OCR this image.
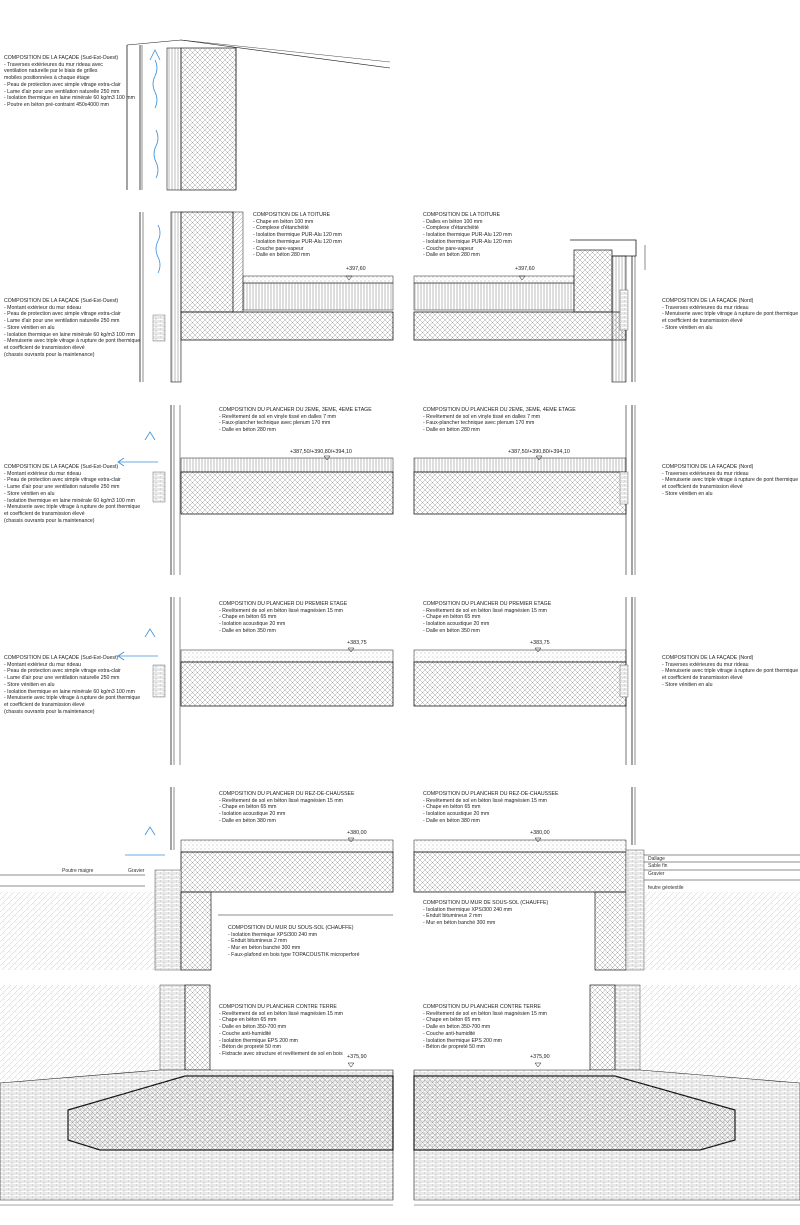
COMPOSITION DE LA FAÇADE (Sud-Est-Ouest)
- Traverses extérieures du mur rideau avec
ventilation naturelle par le biais de grilles
mobiles positionnées à chaque étage
- Peau de protection avec simple vitrage extra-clair
- Lame d'air pour une ventilation naturelle 250 mm
- Isolation thermique en laine minérale 60 kg/m3 100 mm
- Poutre en béton pré-contraint 450x4000 mm
COMPOSITION DE LA TOITURE
- Chape en béton 100 mm
- Complexe d'étanchéité
- Isolation thermique PUR-Alu 120 mm
- Isolation thermique PUR-Alu 120 mm
- Couche pare-vapeur
- Dalle en béton 280 mm
COMPOSITION DE LA TOITURE
- Dalles en béton 100 mm
- Complexe d'étanchéité
- Isolation thermique PUR-Alu 120 mm
- Isolation thermique PUR-Alu 120 mm
- Couche pare-vapeur
- Dalle en béton 280 mm
COMPOSITION DE LA FAÇADE (Sud-Est-Ouest)
- Montant extérieur du mur rideau
- Peau de protection avec simple vitrage extra-clair
- Lame d'air pour une ventilation naturelle 250 mm
- Store vénitien en alu
- Isolation thermique en laine minérale 60 kg/m3 100 mm
- Menuiserie avec triple vitrage à rupture de pont thermique
et coefficient de transmission élevé
(chassis ouvrants pour la maintenance)
COMPOSITION DE LA FAÇADE (Nord)
- Traverses extérieures du mur rideau
- Menuiserie avec triple vitrage à rupture de pont thermique
et coefficient de transmission élevé
- Store vénitien en alu
COMPOSITION DU PLANCHER DU 2EME, 3EME, 4EME ETAGE
- Revêtement de sol en vinyle tissé en dalles 7 mm
- Faux-plancher technique avec plenum 170 mm
- Dalle en béton 280 mm
COMPOSITION DU PLANCHER DU 2EME, 3EME, 4EME ETAGE
- Revêtement de sol en vinyle tissé en dalles 7 mm
- Faux-plancher technique avec plenum 170 mm
- Dalle en béton 280 mm
COMPOSITION DE LA FAÇADE (Sud-Est-Ouest)
- Montant extérieur du mur rideau
- Peau de protection avec simple vitrage extra-clair
- Lame d'air pour une ventilation naturelle 250 mm
- Store vénitien en alu
- Isolation thermique en laine minérale 60 kg/m3 100 mm
- Menuiserie avec triple vitrage à rupture de pont thermique
et coefficient de transmission élevé
(chassis ouvrants pour la maintenance)
COMPOSITION DE LA FAÇADE (Nord)
- Traverses extérieures du mur rideau
- Menuiserie avec triple vitrage à rupture de pont thermique
et coefficient de transmission élevé
- Store vénitien en alu
COMPOSITION DU PLANCHER DU PREMIER ETAGE
- Revêtement de sol en béton lissé magnésien 15 mm
- Chape en béton 65 mm
- Isolation acoustique 20 mm
- Dalle en béton 350 mm
COMPOSITION DU PLANCHER DU PREMIER ETAGE
- Revêtement de sol en béton lissé magnésien 15 mm
- Chape en béton 65 mm
- Isolation acoustique 20 mm
- Dalle en béton 350 mm
COMPOSITION DE LA FAÇADE (Sud-Est-Ouest)
- Montant extérieur du mur rideau
- Peau de protection avec simple vitrage extra-clair
- Lame d'air pour une ventilation naturelle 250 mm
- Store vénitien en alu
- Isolation thermique en laine minérale 60 kg/m3 100 mm
- Menuiserie avec triple vitrage à rupture de pont thermique
et coefficient de transmission élevé
(chassis ouvrants pour la maintenance)
COMPOSITION DE LA FAÇADE (Nord)
- Traverses extérieures du mur rideau
- Menuiserie avec triple vitrage à rupture de pont thermique
et coefficient de transmission élevé
- Store vénitien en alu
COMPOSITION DU PLANCHER DU REZ-DE-CHAUSSEE
- Revêtement de sol en béton lissé magnésien 15 mm
- Chape en béton 65 mm
- Isolation acoustique 20 mm
- Dalle en béton 380 mm
COMPOSITION DU PLANCHER DU REZ-DE-CHAUSSEE
- Revêtement de sol en béton lissé magnésien 15 mm
- Chape en béton 65 mm
- Isolation acoustique 20 mm
- Dalle en béton 380 mm
COMPOSITION DU MUR DU SOUS-SOL (CHAUFFE)
- Isolation thermique XPS/300 240 mm
- Enduit bitumineux 2 mm
- Mur en béton banché 300 mm
- Faux-plafond en bois type TOPACOUSTIK microperforé
COMPOSITION DU MUR DE SOUS-SOL (CHAUFFE)
- Isolation thermique XPS/300 240 mm
- Enduit bitumineux 2 mm
- Mur en béton banché 300 mm
COMPOSITION DU PLANCHER CONTRE TERRE
- Revêtement de sol en béton lissé magnésien 15 mm
- Chape en béton 65 mm
- Dalle en béton 350-700 mm
- Couche anti-humidité
- Isolation thermique EPS 200 mm
- Béton de propreté 50 mm
- Fixtracte avec structure et revêtement de sol en bois
COMPOSITION DU PLANCHER CONTRE TERRE
- Revêtement de sol en béton lissé magnésien 15 mm
- Chape en béton 65 mm
- Dalle en béton 350-700 mm
- Couche anti-humidité
- Isolation thermique EPS 200 mm
- Béton de propreté 50 mm
+397,60	+397,60
+387,50/+390,80/+394,10	+387,50/+390,80/+394,10
+383,75	+383,75
+380,00	+380,00
+375,90	+375,90
Poutre maigre	Gravier
Dallage
Sable fin
Gravier
feutre géotextile
